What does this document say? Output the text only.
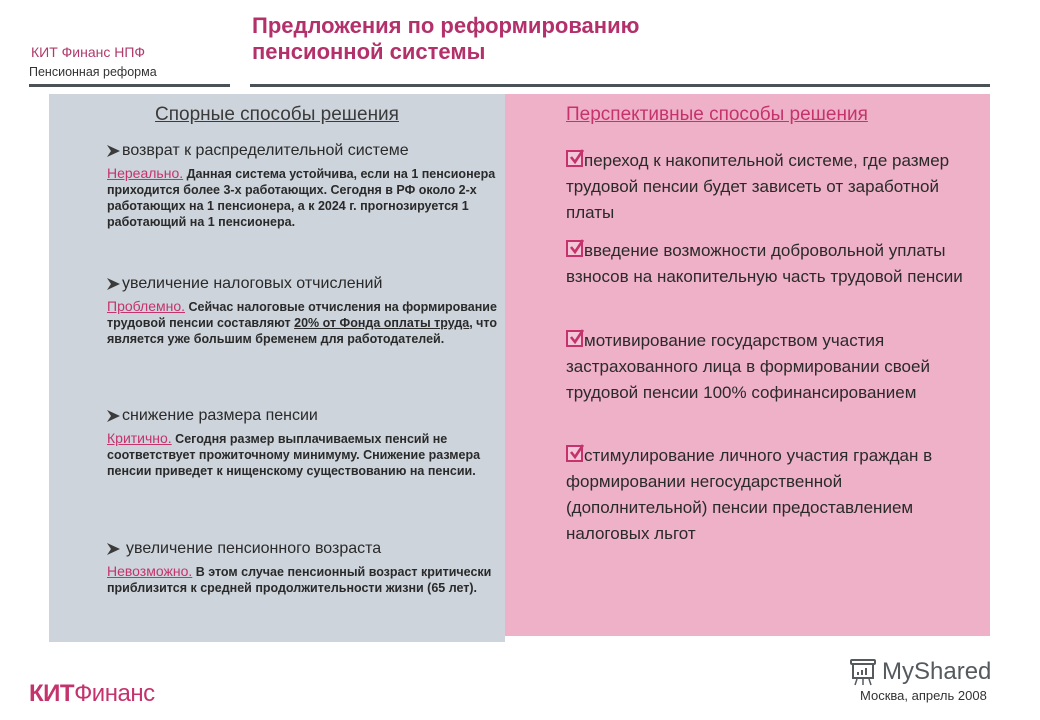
КИТ Финанс НПФ
Пенсионная реформа
Предложения по реформированию
пенсионной системы
Спорные способы решения
возврат к распределительной системе
Нереально. Данная система устойчива, если на 1 пенсионера приходится более 3-х работающих. Сегодня в РФ около 2-х работающих на 1 пенсионера, а к 2024 г. прогнозируется 1 работающий на 1 пенсионера.
увеличение налоговых отчислений
Проблемно. Сейчас налоговые отчисления на формирование трудовой пенсии составляют 20% от Фонда оплаты труда, что является уже большим бременем для работодателей.
снижение размера пенсии
Критично. Сегодня размер выплачиваемых пенсий не соответствует прожиточному минимуму. Снижение размера пенсии приведет к нищенскому существованию на пенсии.
увеличение пенсионного возраста
Невозможно. В этом случае пенсионный возраст критически приблизится к средней продолжительности жизни (65 лет).
Перспективные способы решения
переход к накопительной системе, где размер трудовой пенсии будет зависеть от заработной платы
введение возможности добровольной уплаты взносов на накопительную часть трудовой пенсии
мотивирование государством участия застрахованного лица в формировании своей трудовой пенсии 100% софинансированием
стимулирование личного участия граждан в формировании негосударственной (дополнительной) пенсии предоставлением налоговых льгот
КИТФинанс
MyShared
Москва, апрель 2008
